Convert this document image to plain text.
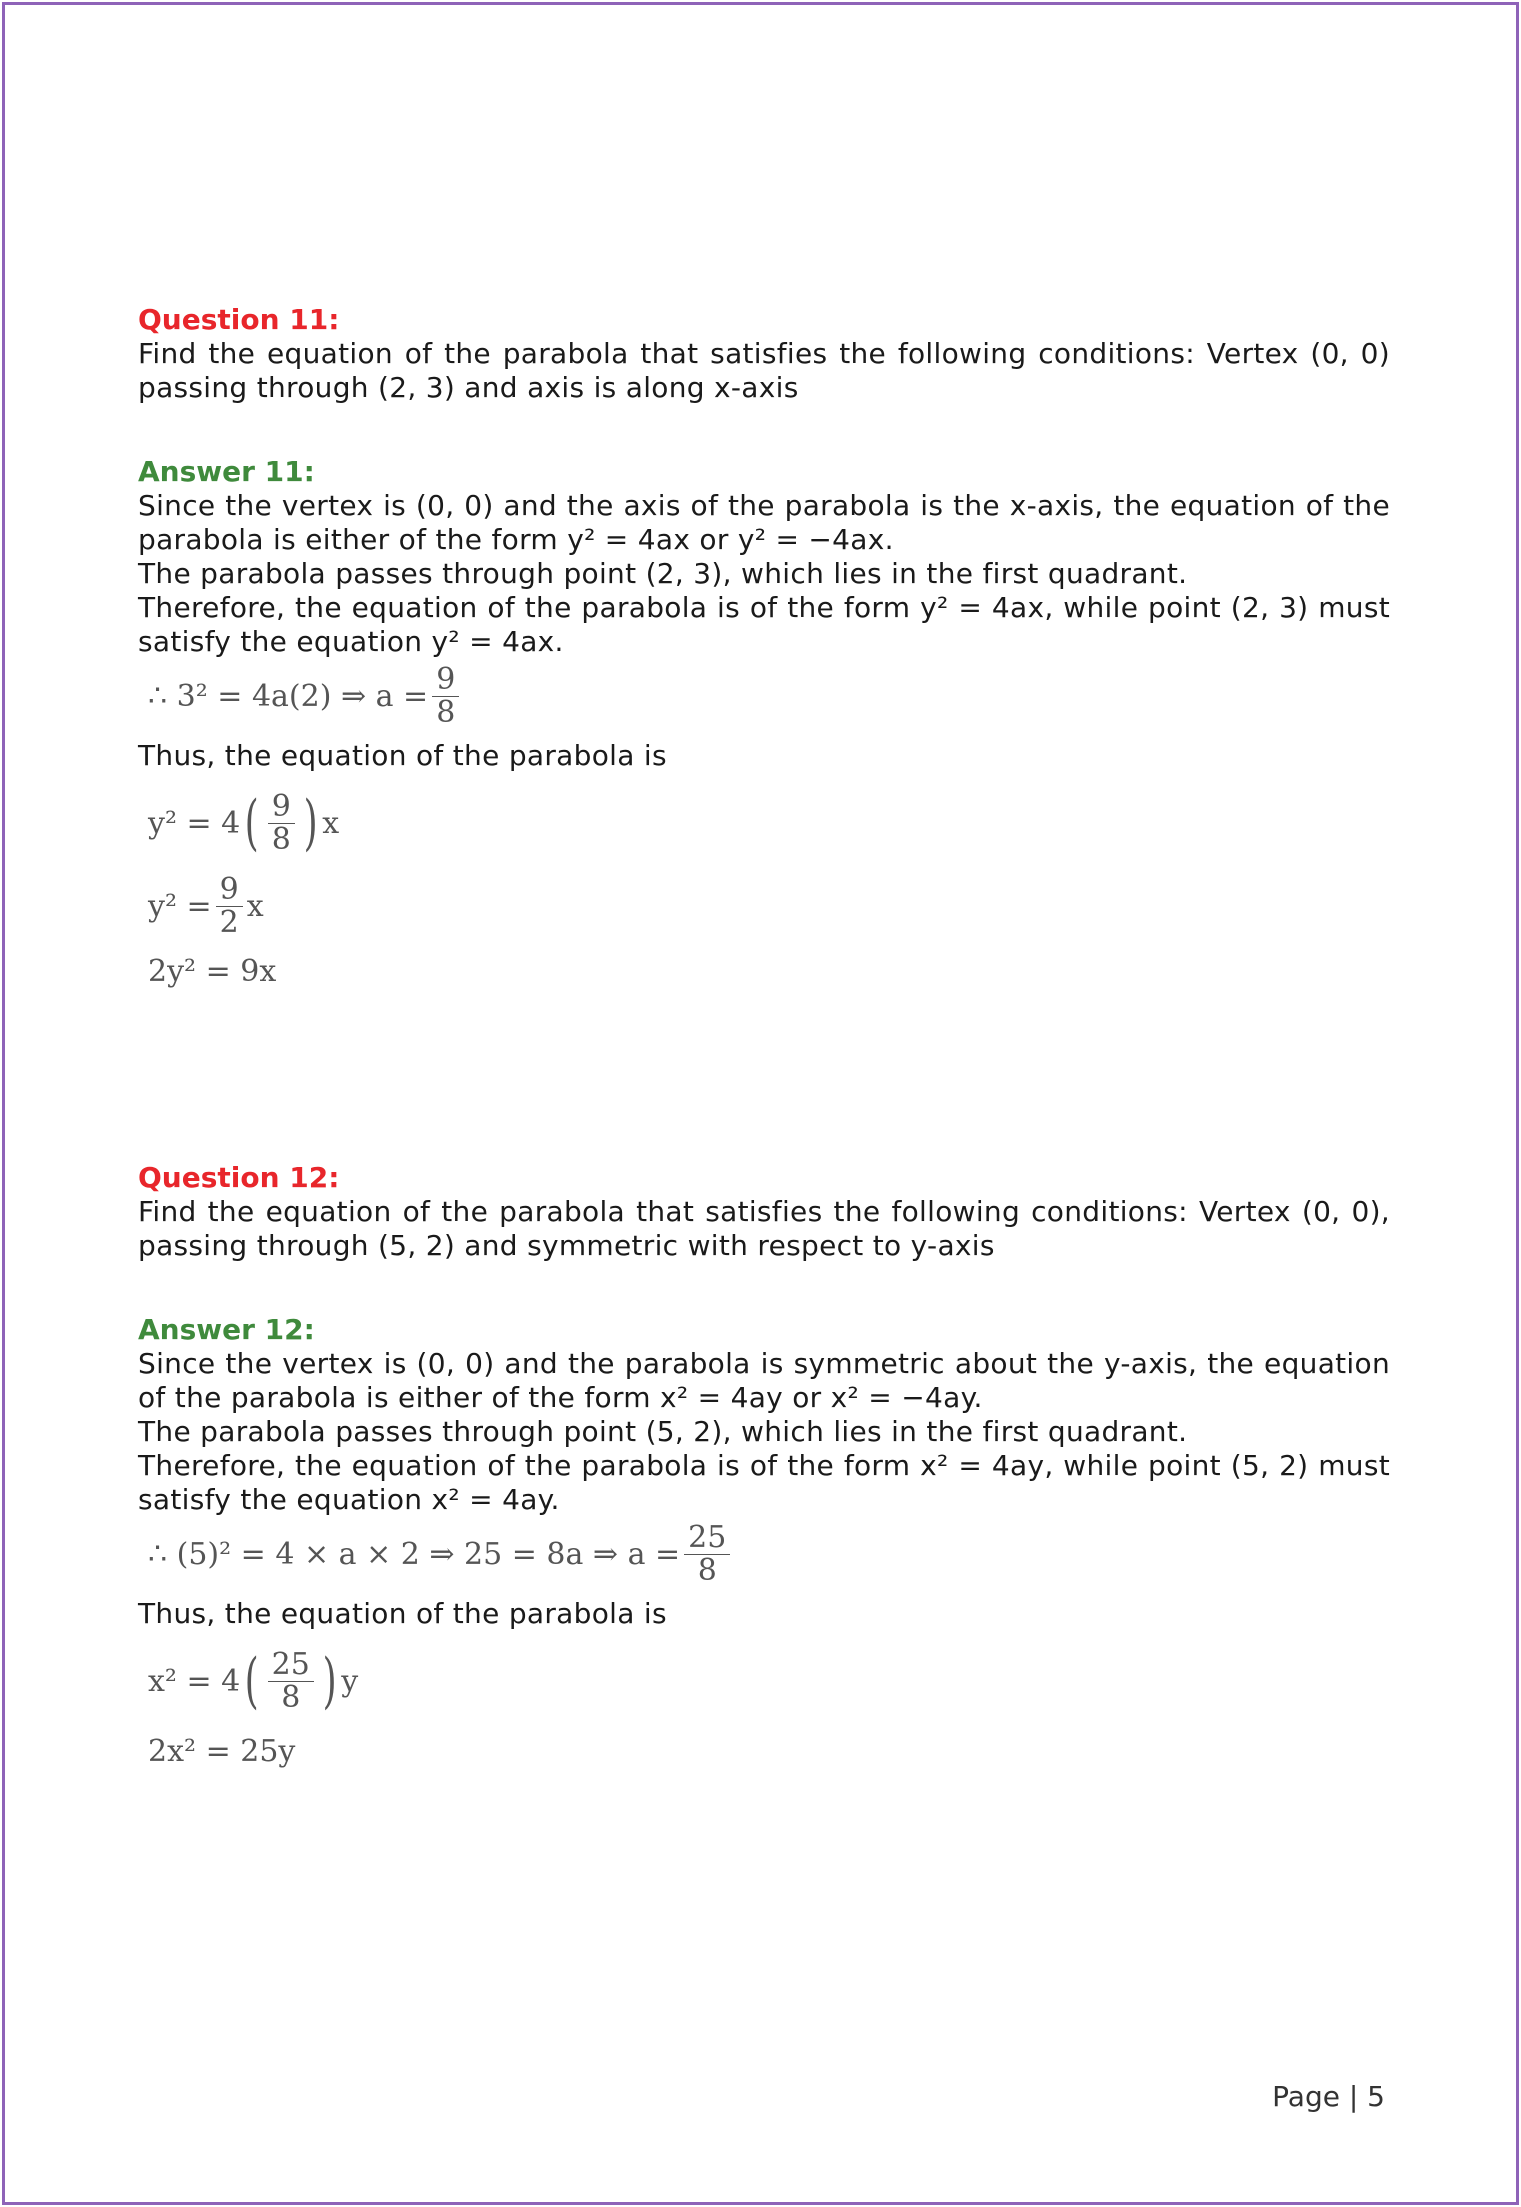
Question 11:

Find the equation of the parabola that satisfies the following conditions: Vertex (0, 0) passing through (2, 3) and axis is along x-axis

Answer 11:

Since the vertex is (0, 0) and the axis of the parabola is the x-axis, the equation of the parabola is either of the form y² = 4ax or y² = −4ax.

The parabola passes through point (2, 3), which lies in the first quadrant.

Therefore, the equation of the parabola is of the form y² = 4ax, while point (2, 3) must satisfy the equation y² = 4ax.

∴ 3² = 4a(2) ⇒ $a = \frac{9}{8}$

Thus, the equation of the parabola is

y² = 4 ( $\frac{9}{8}$ ) x
$y^2 = \frac{9}{2}$ x
2y² = 9x
Question 12:

Find the equation of the parabola that satisfies the following conditions: Vertex (0, 0), passing through (5, 2) and symmetric with respect to y-axis

Answer 12:

Since the vertex is (0, 0) and the parabola is symmetric about the y-axis, the equation of the parabola is either of the form x² = 4ay or x² = −4ay.

The parabola passes through point (5, 2), which lies in the first quadrant.

Therefore, the equation of the parabola is of the form x² = 4ay, while point (5, 2) must satisfy the equation x² = 4ay.

∴ (5)² = 4 × a × 2 ⇒ 25 = 8a ⇒ $a = \frac{25}{8}$

Thus, the equation of the parabola is

x² = 4 ( $\frac{25}{8}$ ) y
2x² = 25y
Page | 5
